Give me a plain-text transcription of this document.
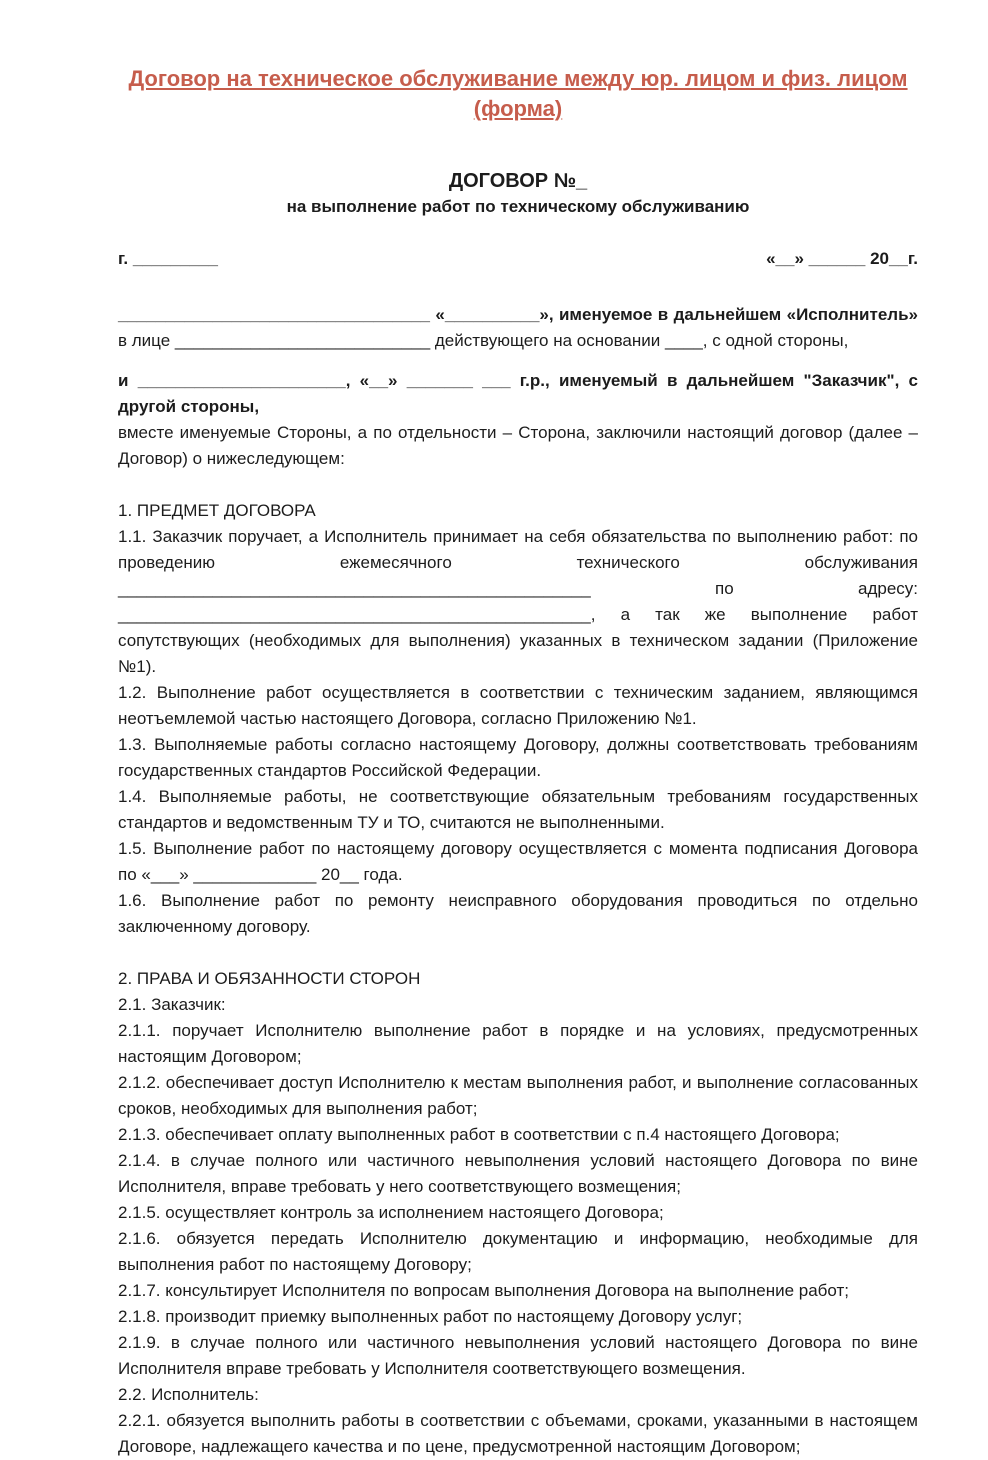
Договор на техническое обслуживание между юр. лицом и физ. лицом (форма)
ДОГОВОР №_
на выполнение работ по техническому обслуживанию
г. _________	«__» ______ 20__г.

_________________________________ «__________», именуемое в дальнейшем «Исполнитель» в лице ___________________________ действующего на основании ____, с одной стороны,

и ______________________, «__» _______ ___ г.р., именуемый в дальнейшем "Заказчик", с другой стороны,

вместе именуемые Стороны, а по отдельности – Сторона, заключили настоящий договор (далее – Договор) о нижеследующем:

1. ПРЕДМЕТ ДОГОВОРА

1.1. Заказчик поручает, а Исполнитель принимает на себя обязательства по выполнению работ: по проведению ежемесячного технического обслуживания __________________________________________________ по адресу: __________________________________________________, а так же выполнение работ сопутствующих (необходимых для выполнения) указанных в техническом задании (Приложение №1).

1.2. Выполнение работ осуществляется в соответствии с техническим заданием, являющимся неотъемлемой частью настоящего Договора, согласно Приложению №1.

1.3. Выполняемые работы согласно настоящему Договору, должны соответствовать требованиям государственных стандартов Российской Федерации.

1.4. Выполняемые работы, не соответствующие обязательным требованиям государственных стандартов и ведомственным ТУ и ТО, считаются не выполненными.

1.5. Выполнение работ по настоящему договору осуществляется с момента подписания Договора по «___» _____________ 20__ года.

1.6. Выполнение работ по ремонту неисправного оборудования проводиться по отдельно заключенному договору.

2. ПРАВА И ОБЯЗАННОСТИ СТОРОН

2.1. Заказчик:

2.1.1. поручает Исполнителю выполнение работ в порядке и на условиях, предусмотренных настоящим Договором;

2.1.2. обеспечивает доступ Исполнителю к местам выполнения работ, и выполнение согласованных сроков, необходимых для выполнения работ;

2.1.3. обеспечивает оплату выполненных работ в соответствии с п.4 настоящего Договора;

2.1.4. в случае полного или частичного невыполнения условий настоящего Договора по вине Исполнителя, вправе требовать у него соответствующего возмещения;

2.1.5. осуществляет контроль за исполнением настоящего Договора;

2.1.6. обязуется передать Исполнителю документацию и информацию, необходимые для выполнения работ по настоящему Договору;

2.1.7. консультирует Исполнителя по вопросам выполнения Договора на выполнение работ;

2.1.8. производит приемку выполненных работ по настоящему Договору услуг;

2.1.9. в случае полного или частичного невыполнения условий настоящего Договора по вине Исполнителя вправе требовать у Исполнителя соответствующего возмещения.

2.2. Исполнитель:

2.2.1. обязуется выполнить работы в соответствии с объемами, сроками, указанными в настоящем Договоре, надлежащего качества и по цене, предусмотренной настоящим Договором;
